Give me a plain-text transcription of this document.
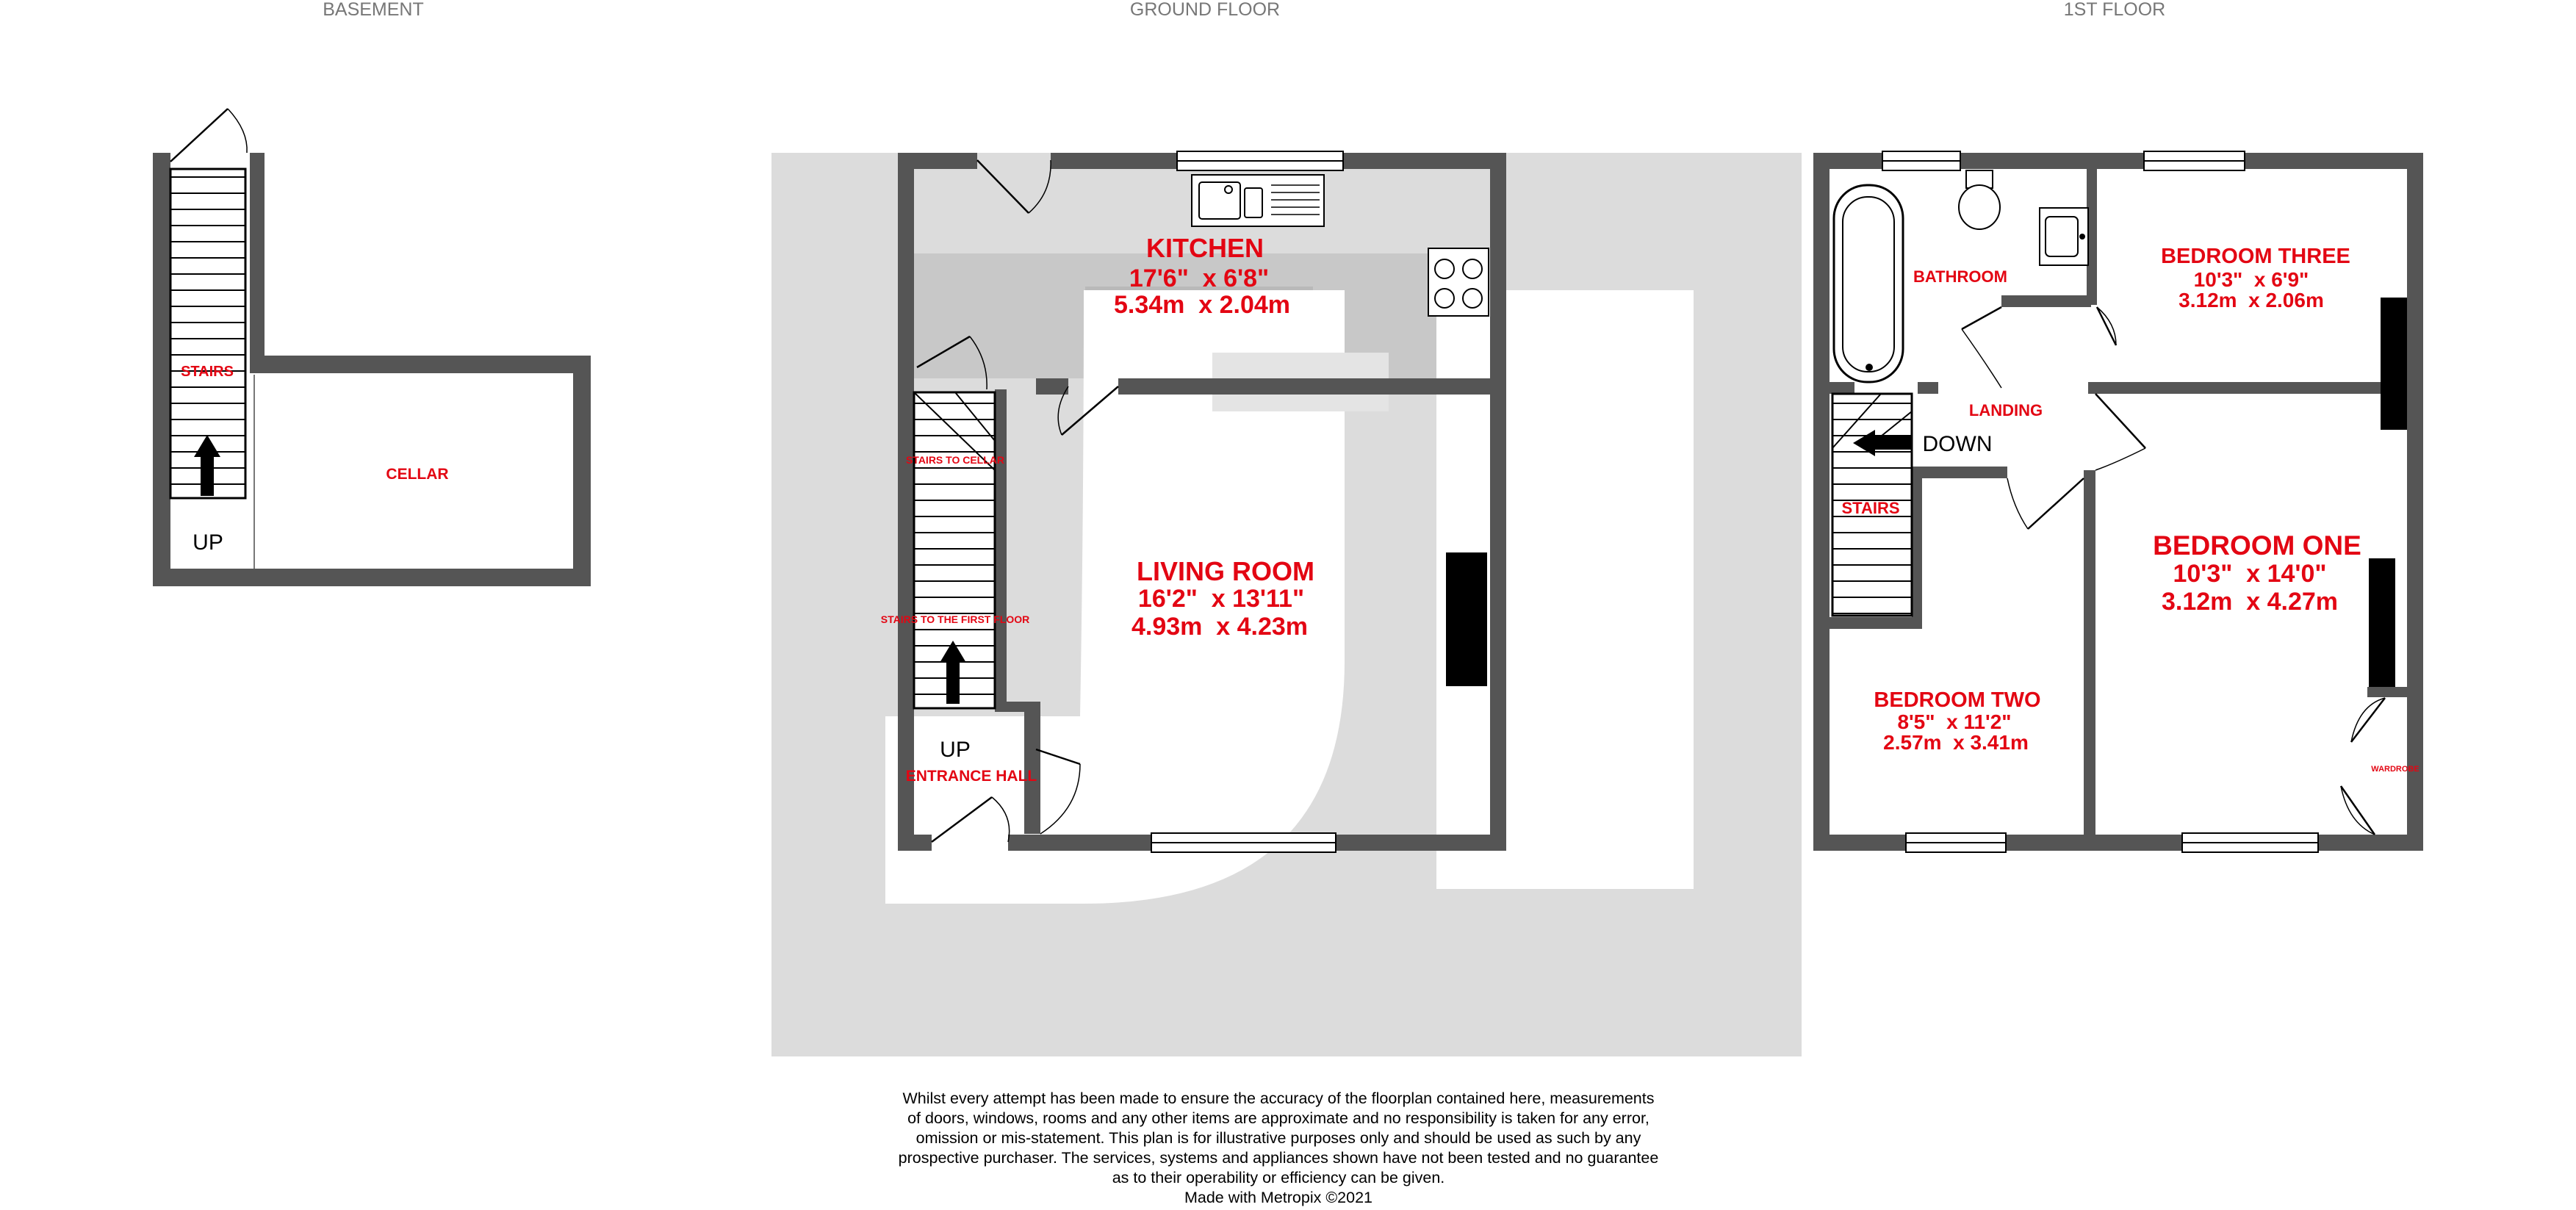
BASEMENT	GROUND FLOOR	1ST FLOOR
STAIRS
CELLAR
UP
KITCHEN
17'6"  x 6'8"
5.34m  x 2.04m
LIVING ROOM
16'2"  x 13'11"
4.93m  x 4.23m
STAIRS TO CELLAR
STAIRS TO THE FIRST FLOOR
UP
ENTRANCE HALL
BATHROOM
BEDROOM THREE
10'3"  x 6'9"
3.12m  x 2.06m
LANDING
DOWN
STAIRS
BEDROOM ONE
10'3"  x 14'0"
3.12m  x 4.27m
BEDROOM TWO
8'5"  x 11'2"
2.57m  x 3.41m
WARDROBE
Whilst every attempt has been made to ensure the accuracy of the floorplan contained here, measurements
of doors, windows, rooms and any other items are approximate and no responsibility is taken for any error,
omission or mis-statement. This plan is for illustrative purposes only and should be used as such by any
prospective purchaser. The services, systems and appliances shown have not been tested and no guarantee
as to their operability or efficiency can be given.
Made with Metropix ©2021
